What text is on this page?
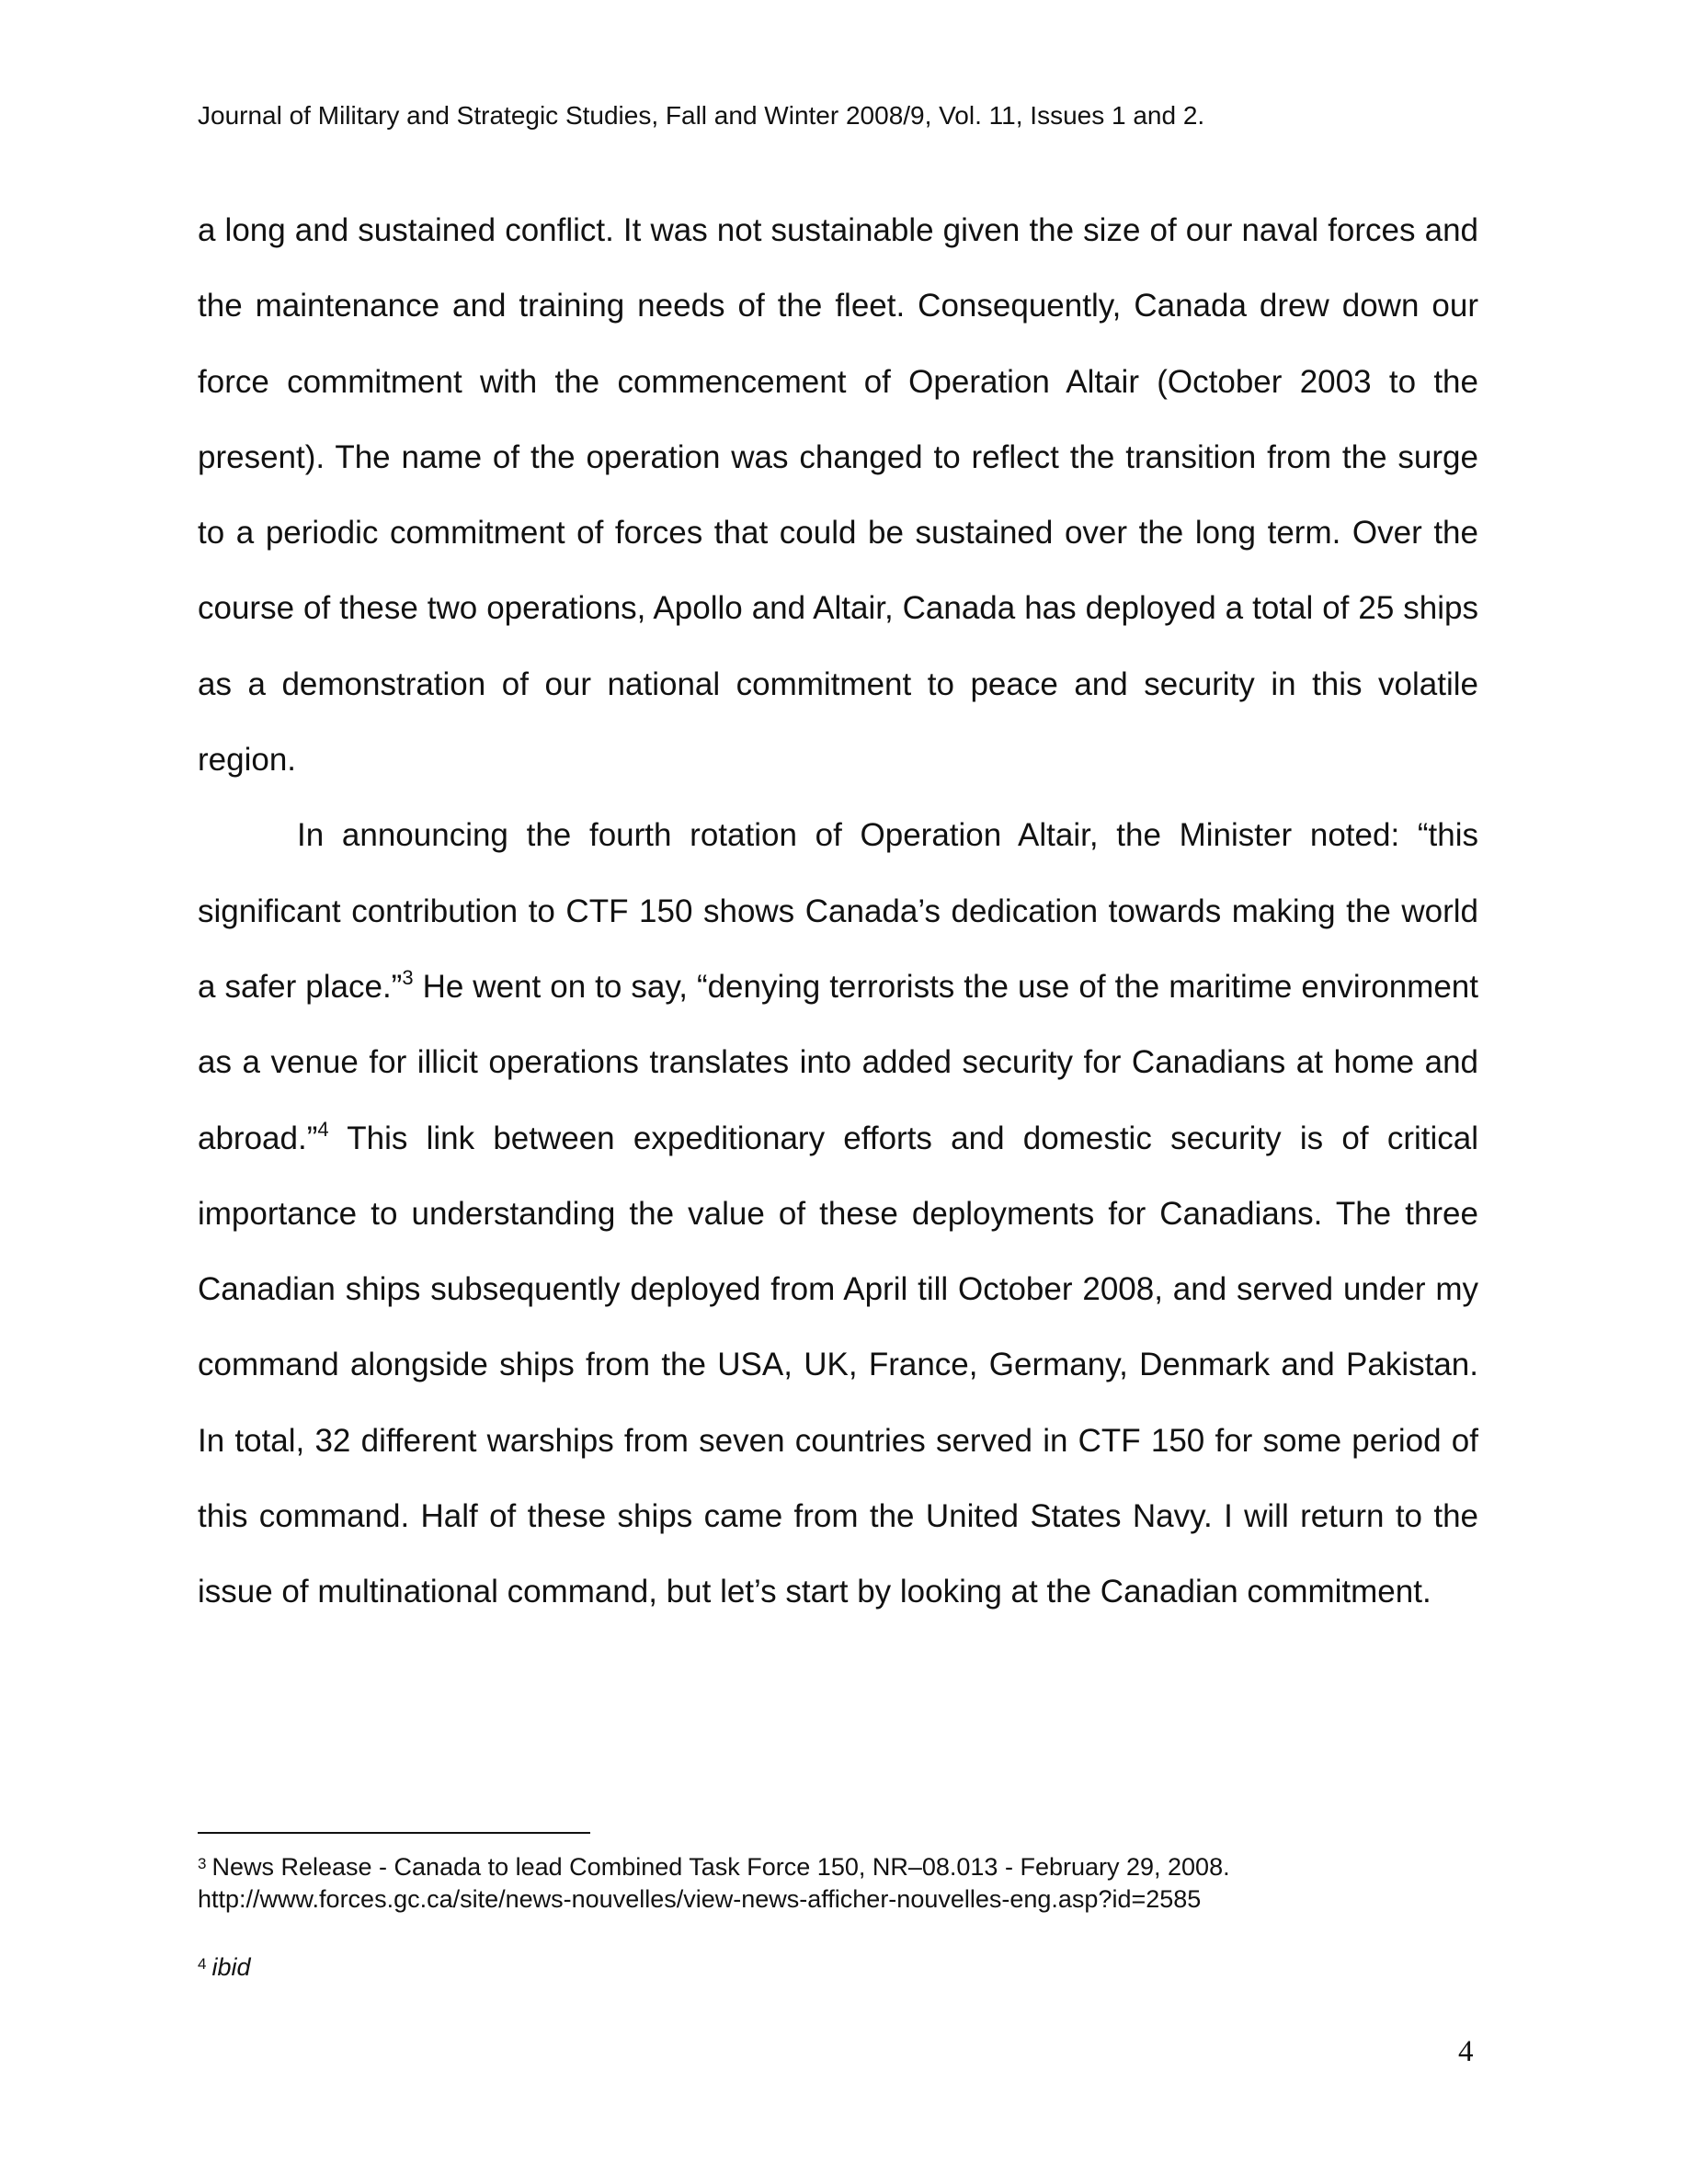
Journal of Military and Strategic Studies, Fall and Winter 2008/9, Vol. 11, Issues 1 and 2.

a long and sustained conflict. It was not sustainable given the size of our naval forces and the maintenance and training needs of the fleet. Consequently, Canada drew down our force commitment with the commencement of Operation Altair (October 2003 to the present). The name of the operation was changed to reflect the transition from the surge to a periodic commitment of forces that could be sustained over the long term. Over the course of these two operations, Apollo and Altair, Canada has deployed a total of 25 ships as a demonstration of our national commitment to peace and security in this volatile region.

In announcing the fourth rotation of Operation Altair, the Minister noted: “this significant contribution to CTF 150 shows Canada’s dedication towards making the world a safer place.”$^3$ He went on to say, “denying terrorists the use of the maritime environment as a venue for illicit operations translates into added security for Canadians at home and abroad.”$^4$ This link between expeditionary efforts and domestic security is of critical importance to understanding the value of these deployments for Canadians. The three Canadian ships subsequently deployed from April till October 2008, and served under my command alongside ships from the USA, UK, France, Germany, Denmark and Pakistan. In total, 32 different warships from seven countries served in CTF 150 for some period of this command. Half of these ships came from the United States Navy. I will return to the issue of multinational command, but let’s start by looking at the Canadian commitment.

$^3$ News Release - Canada to lead Combined Task Force 150, NR–08.013 - February 29, 2008.
http://www.forces.gc.ca/site/news-nouvelles/view-news-afficher-nouvelles-eng.asp?id=2585
$^4$ ibid
4
